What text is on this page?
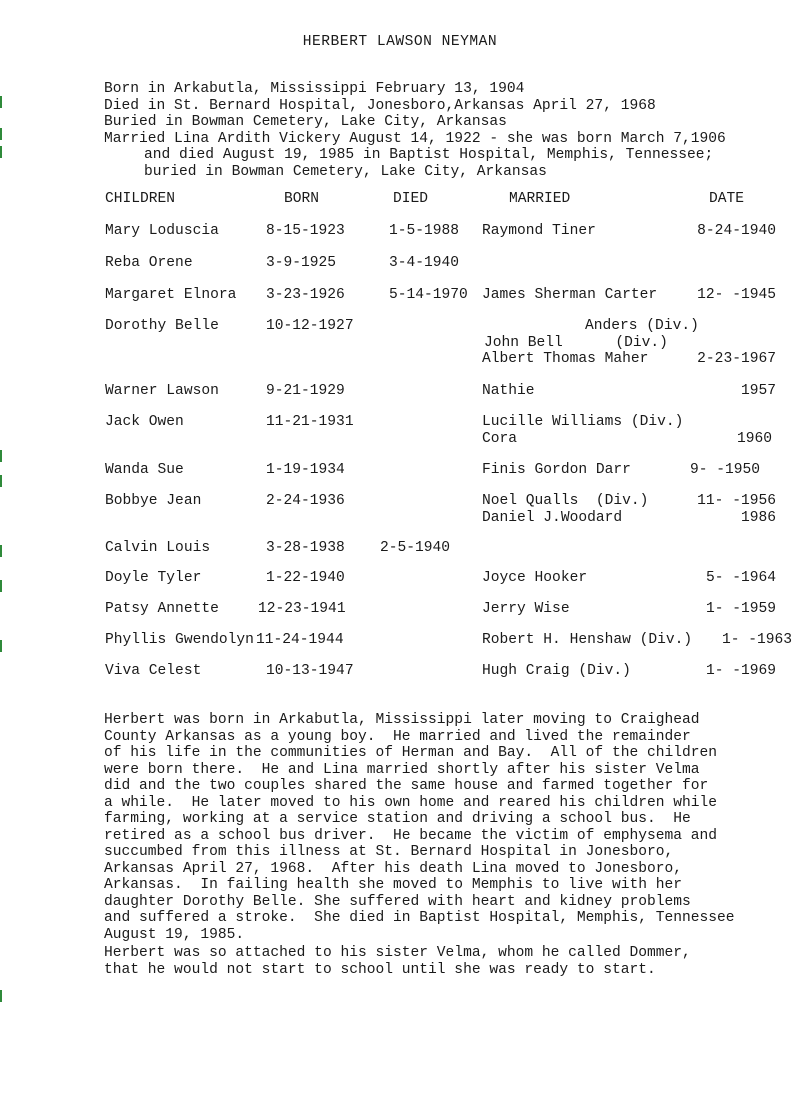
HERBERT LAWSON NEYMAN
Born in Arkabutla, Mississippi February 13, 1904
Died in St. Bernard Hospital, Jonesboro,Arkansas April 27, 1968
Buried in Bowman Cemetery, Lake City, Arkansas
Married Lina Ardith Vickery August 14, 1922 - she was born March 7,1906
and died August 19, 1985 in Baptist Hospital, Memphis, Tennessee;
buried in Bowman Cemetery, Lake City, Arkansas
CHILDREN	BORN	DIED	MARRIED	DATE
Mary Loduscia	8-15-1923	1-5-1988 Raymond Tiner	8-24-1940
Reba Orene	3-9-1925	3-4-1940
Margaret Elnora 3-23-1926	5-14-1970 James Sherman Carter	12- -1945
Dorothy Belle	10-12-1927	Anders (Div.)
John Bell      (Div.)
Albert Thomas Maher	2-23-1967
Warner Lawson	9-21-1929	Nathie	1957
Jack Owen	11-21-1931	Lucille Williams (Div.)
Cora	1960
Wanda Sue	1-19-1934	Finis Gordon Darr	9- -1950
Bobbye Jean	2-24-1936	Noel Qualls  (Div.)	11- -1956
Daniel J.Woodard	1986
Calvin Louis	3-28-1938 2-5-1940
Doyle Tyler	1-22-1940	Joyce Hooker	5- -1964
Patsy Annette	12-23-1941	Jerry Wise	1- -1959
Phyllis Gwendolyn 11-24-1944	Robert H. Henshaw (Div.) 1- -1963
Viva Celest	10-13-1947	Hugh Craig (Div.)	1- -1969
Herbert was born in Arkabutla, Mississippi later moving to Craighead
County Arkansas as a young boy.  He married and lived the remainder
of his life in the communities of Herman and Bay.  All of the children
were born there.  He and Lina married shortly after his sister Velma
did and the two couples shared the same house and farmed together for
a while.  He later moved to his own home and reared his children while
farming, working at a service station and driving a school bus.  He
retired as a school bus driver.  He became the victim of emphysema and
succumbed from this illness at St. Bernard Hospital in Jonesboro,
Arkansas April 27, 1968.  After his death Lina moved to Jonesboro,
Arkansas.  In failing health she moved to Memphis to live with her
daughter Dorothy Belle. She suffered with heart and kidney problems
and suffered a stroke.  She died in Baptist Hospital, Memphis, Tennessee
August 19, 1985.
Herbert was so attached to his sister Velma, whom he called Dommer,
that he would not start to school until she was ready to start.
